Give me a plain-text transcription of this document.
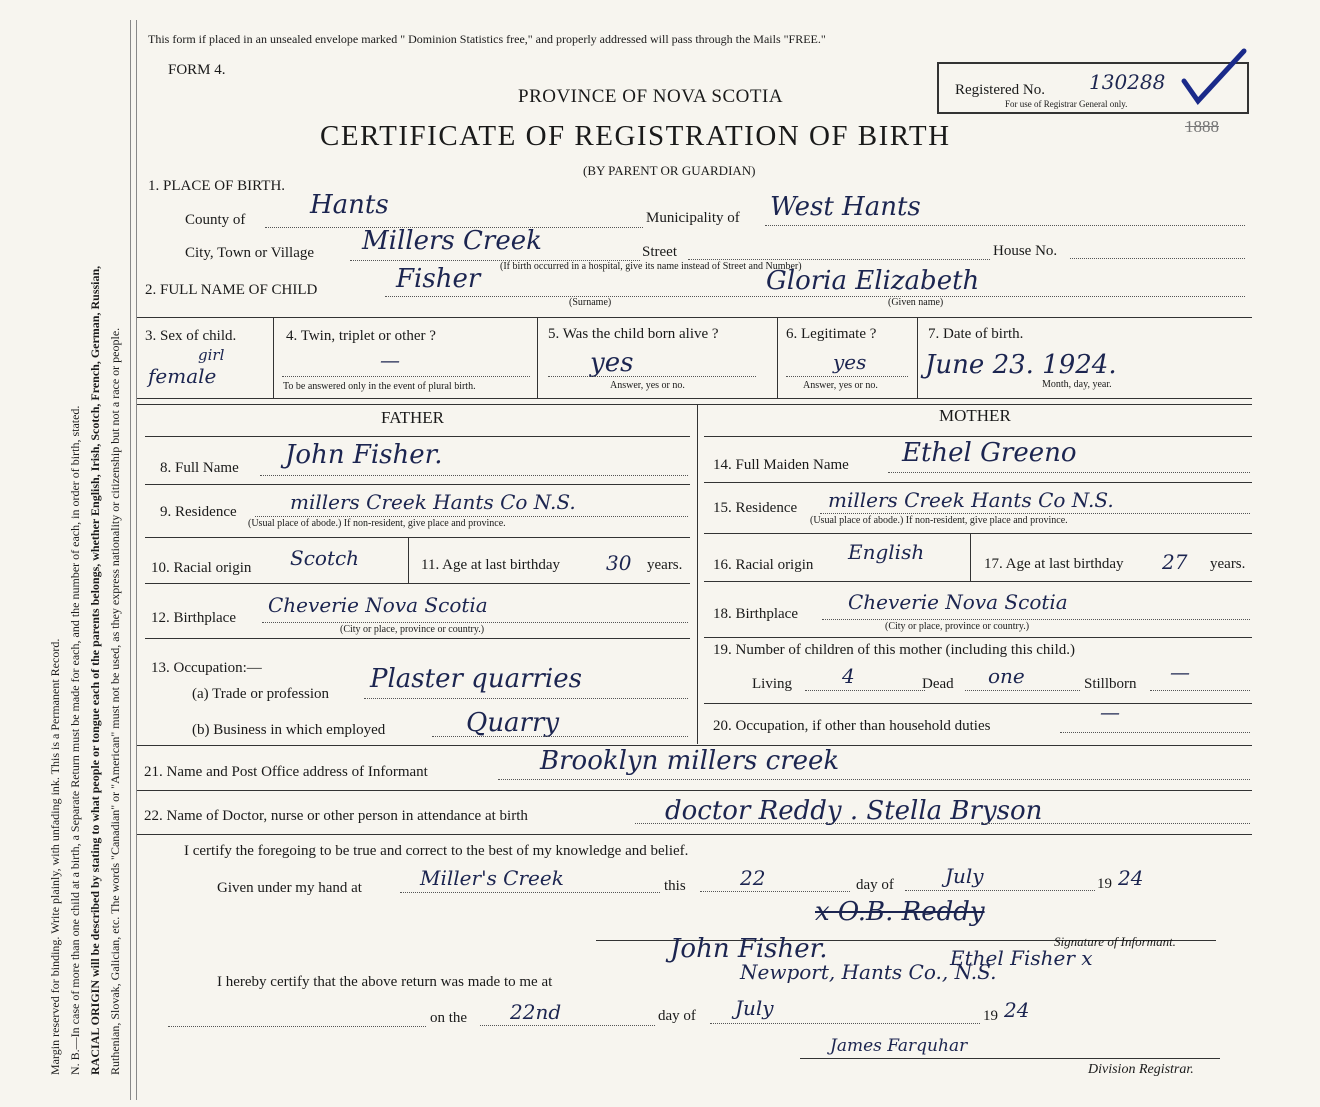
Margin reserved for binding. Write plainly, with unfading ink. This is a Permanent Record. N. B.—In case of more than one child at a birth, a Separate Return must be made for each, and the number of each, in order of birth, stated. RACIAL ORIGIN will be described by stating to what people or tongue each of the parents belongs, whether English, Irish, Scotch, French, German, Russian, Ruthenian, Slovak, Galician, etc. The words "Canadian" or "American" must not be used, as they express nationality or citizenship but not a race or people.
This form if placed in an unsealed envelope marked " Dominion Statistics free," and properly addressed will pass through the Mails "FREE."
FORM 4.
PROVINCE OF NOVA SCOTIA
CERTIFICATE OF REGISTRATION OF BIRTH
(BY PARENT OR GUARDIAN)
Registered No. 130288
For use of Registrar General only.
1888
1. PLACE OF BIRTH.
County of Hants	Municipality of West Hants
City, Town or Village Millers Creek	Street
(If birth occurred in a hospital, give its name instead of Street and Number)
House No.
2. FULL NAME OF CHILD	Fisher
(Surname)
Gloria Elizabeth
(Given name)
3. Sex of child.
girl
female
4. Twin, triplet or other ?
—
To be answered only in the event of plural birth.
5. Was the child born alive ?
yes
Answer, yes or no.
6. Legitimate ?
yes
Answer, yes or no.
7. Date of birth.
June 23. 1924.
Month, day, year.
FATHER	MOTHER
8. Full Name John Fisher.
9. Residence	millers Creek Hants Co N.S.
(Usual place of abode.) If non-resident, give place and province.
10. Racial origin Scotch	11. Age at last birthday 30 years.
12. Birthplace
Cheverie Nova Scotia
(City or place, province or country.)
13. Occupation:—
(a) Trade or profession Plaster quarries
(b) Business in which employed	Quarry
14. Full Maiden Name Ethel Greeno
15. Residence millers Creek Hants Co N.S.
(Usual place of abode.) If non-resident, give place and province.
16. Racial origin
English	17. Age at last birthday 27 years.
18. Birthplace	Cheverie Nova Scotia
(City or place, province or country.)
19. Number of children of this mother (including this child.)
Living	4	Dead one	Stillborn —
20. Occupation, if other than household duties
—
21. Name and Post Office address of Informant	Brooklyn millers creek
22. Name of Doctor, nurse or other person in attendance at birth	doctor Reddy . Stella Bryson
I certify the foregoing to be true and correct to the best of my knowledge and belief.
Given under my hand at	Miller's Creek	this	22	day of	July	19 24
x O.B. Reddy
John Fisher.	Ethel Fisher x
Newport, Hants Co., N.S.
Signature of Informant.
I hereby certify that the above return was made to me at
on the 22nd	day of July	19 24
James Farquhar
Division Registrar.
